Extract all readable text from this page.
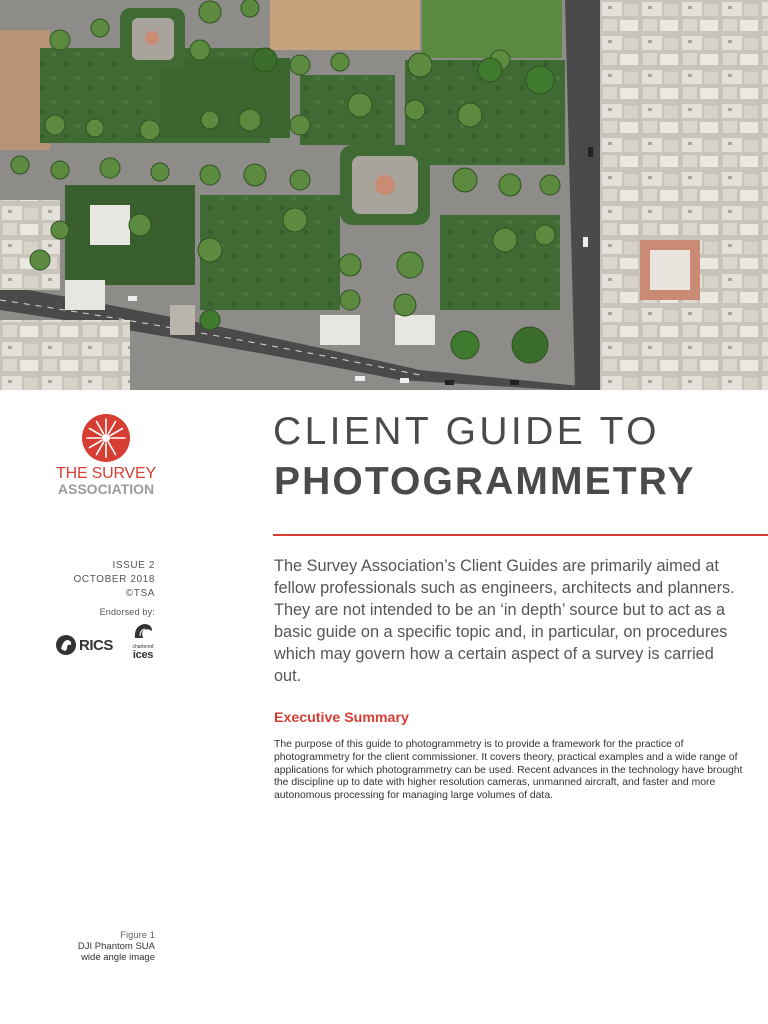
THE SURVEY
ASSOCIATION
ISSUE 2
OCTOBER 2018
©TSA
Endorsed by:
RICS	chartered
ices
Figure 1
DJI Phantom SUA
wide angle image
CLIENT GUIDE TO
PHOTOGRAMMETRY

The Survey Association’s Client Guides are primarily aimed at fellow professionals such as engineers, architects and planners. They are not intended to be an ‘in depth’ source but to act as a basic guide on a specific topic and, in particular, on procedures which may govern how a certain aspect of a survey is carried out.

Executive Summary

The purpose of this guide to photogrammetry is to provide a framework for the practice of photogrammetry for the client commissioner. It covers theory, practical examples and a wide range of applications for which photogrammetry can be used. Recent advances in the technology have brought the discipline up to date with higher resolution cameras, unmanned aircraft, and faster and more autonomous processing for managing large volumes of data.
